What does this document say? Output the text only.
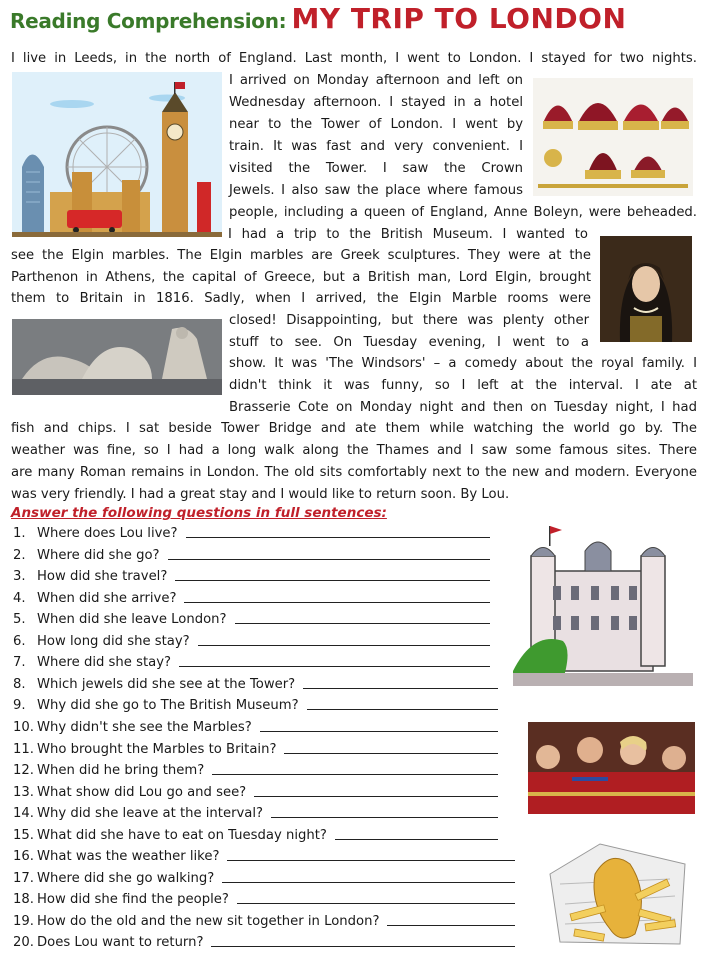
Reading Comprehension: MY TRIP TO LONDON
I live in Leeds, in the north of England. Last month, I went to London. I stayed for two nights.
I arrived on Monday afternoon and left on
Wednesday afternoon. I stayed in a hotel
near to the Tower of London. I went by
train. It was fast and very convenient. I
visited the Tower. I saw the Crown
Jewels. I also saw the place where famous
people, including a queen of England, Anne Boleyn, were beheaded.
I had a trip to the British Museum. I wanted to
see the Elgin marbles. The Elgin marbles are Greek sculptures. They were at the
Parthenon in Athens, the capital of Greece, but a British man, Lord Elgin, brought
them to Britain in 1816. Sadly, when I arrived, the Elgin Marble rooms were
closed! Disappointing, but there was plenty other
stuff to see. On Tuesday evening, I went to a
show. It was 'The Windsors' – a comedy about the royal family. I
didn't think it was funny, so I left at the interval. I ate at
Brasserie Cote on Monday night and then on Tuesday night, I had
fish and chips. I sat beside Tower Bridge and ate them while watching the world go by. The
weather was fine, so I had a long walk along the Thames and I saw some famous sites. There
are many Roman remains in London. The old sits comfortably next to the new and modern. Everyone
was very friendly. I had a great stay and I would like to return soon. By Lou.
Answer the following questions in full sentences:
1. Where does Lou live?
2. Where did she go?
3. How did she travel?
4. When did she arrive?
5. When did she leave London?
6. How long did she stay?
7. Where did she stay?
8. Which jewels did she see at the Tower?
9. Why did she go to The British Museum?
10. Why didn't she see the Marbles?
11. Who brought the Marbles to Britain?
12. When did he bring them?
13. What show did Lou go and see?
14. Why did she leave at the interval?
15. What did she have to eat on Tuesday night?
16. What was the weather like?
17. Where did she go walking?
18. How did she find the people?
19. How do the old and the new sit together in London?
20. Does Lou want to return?
